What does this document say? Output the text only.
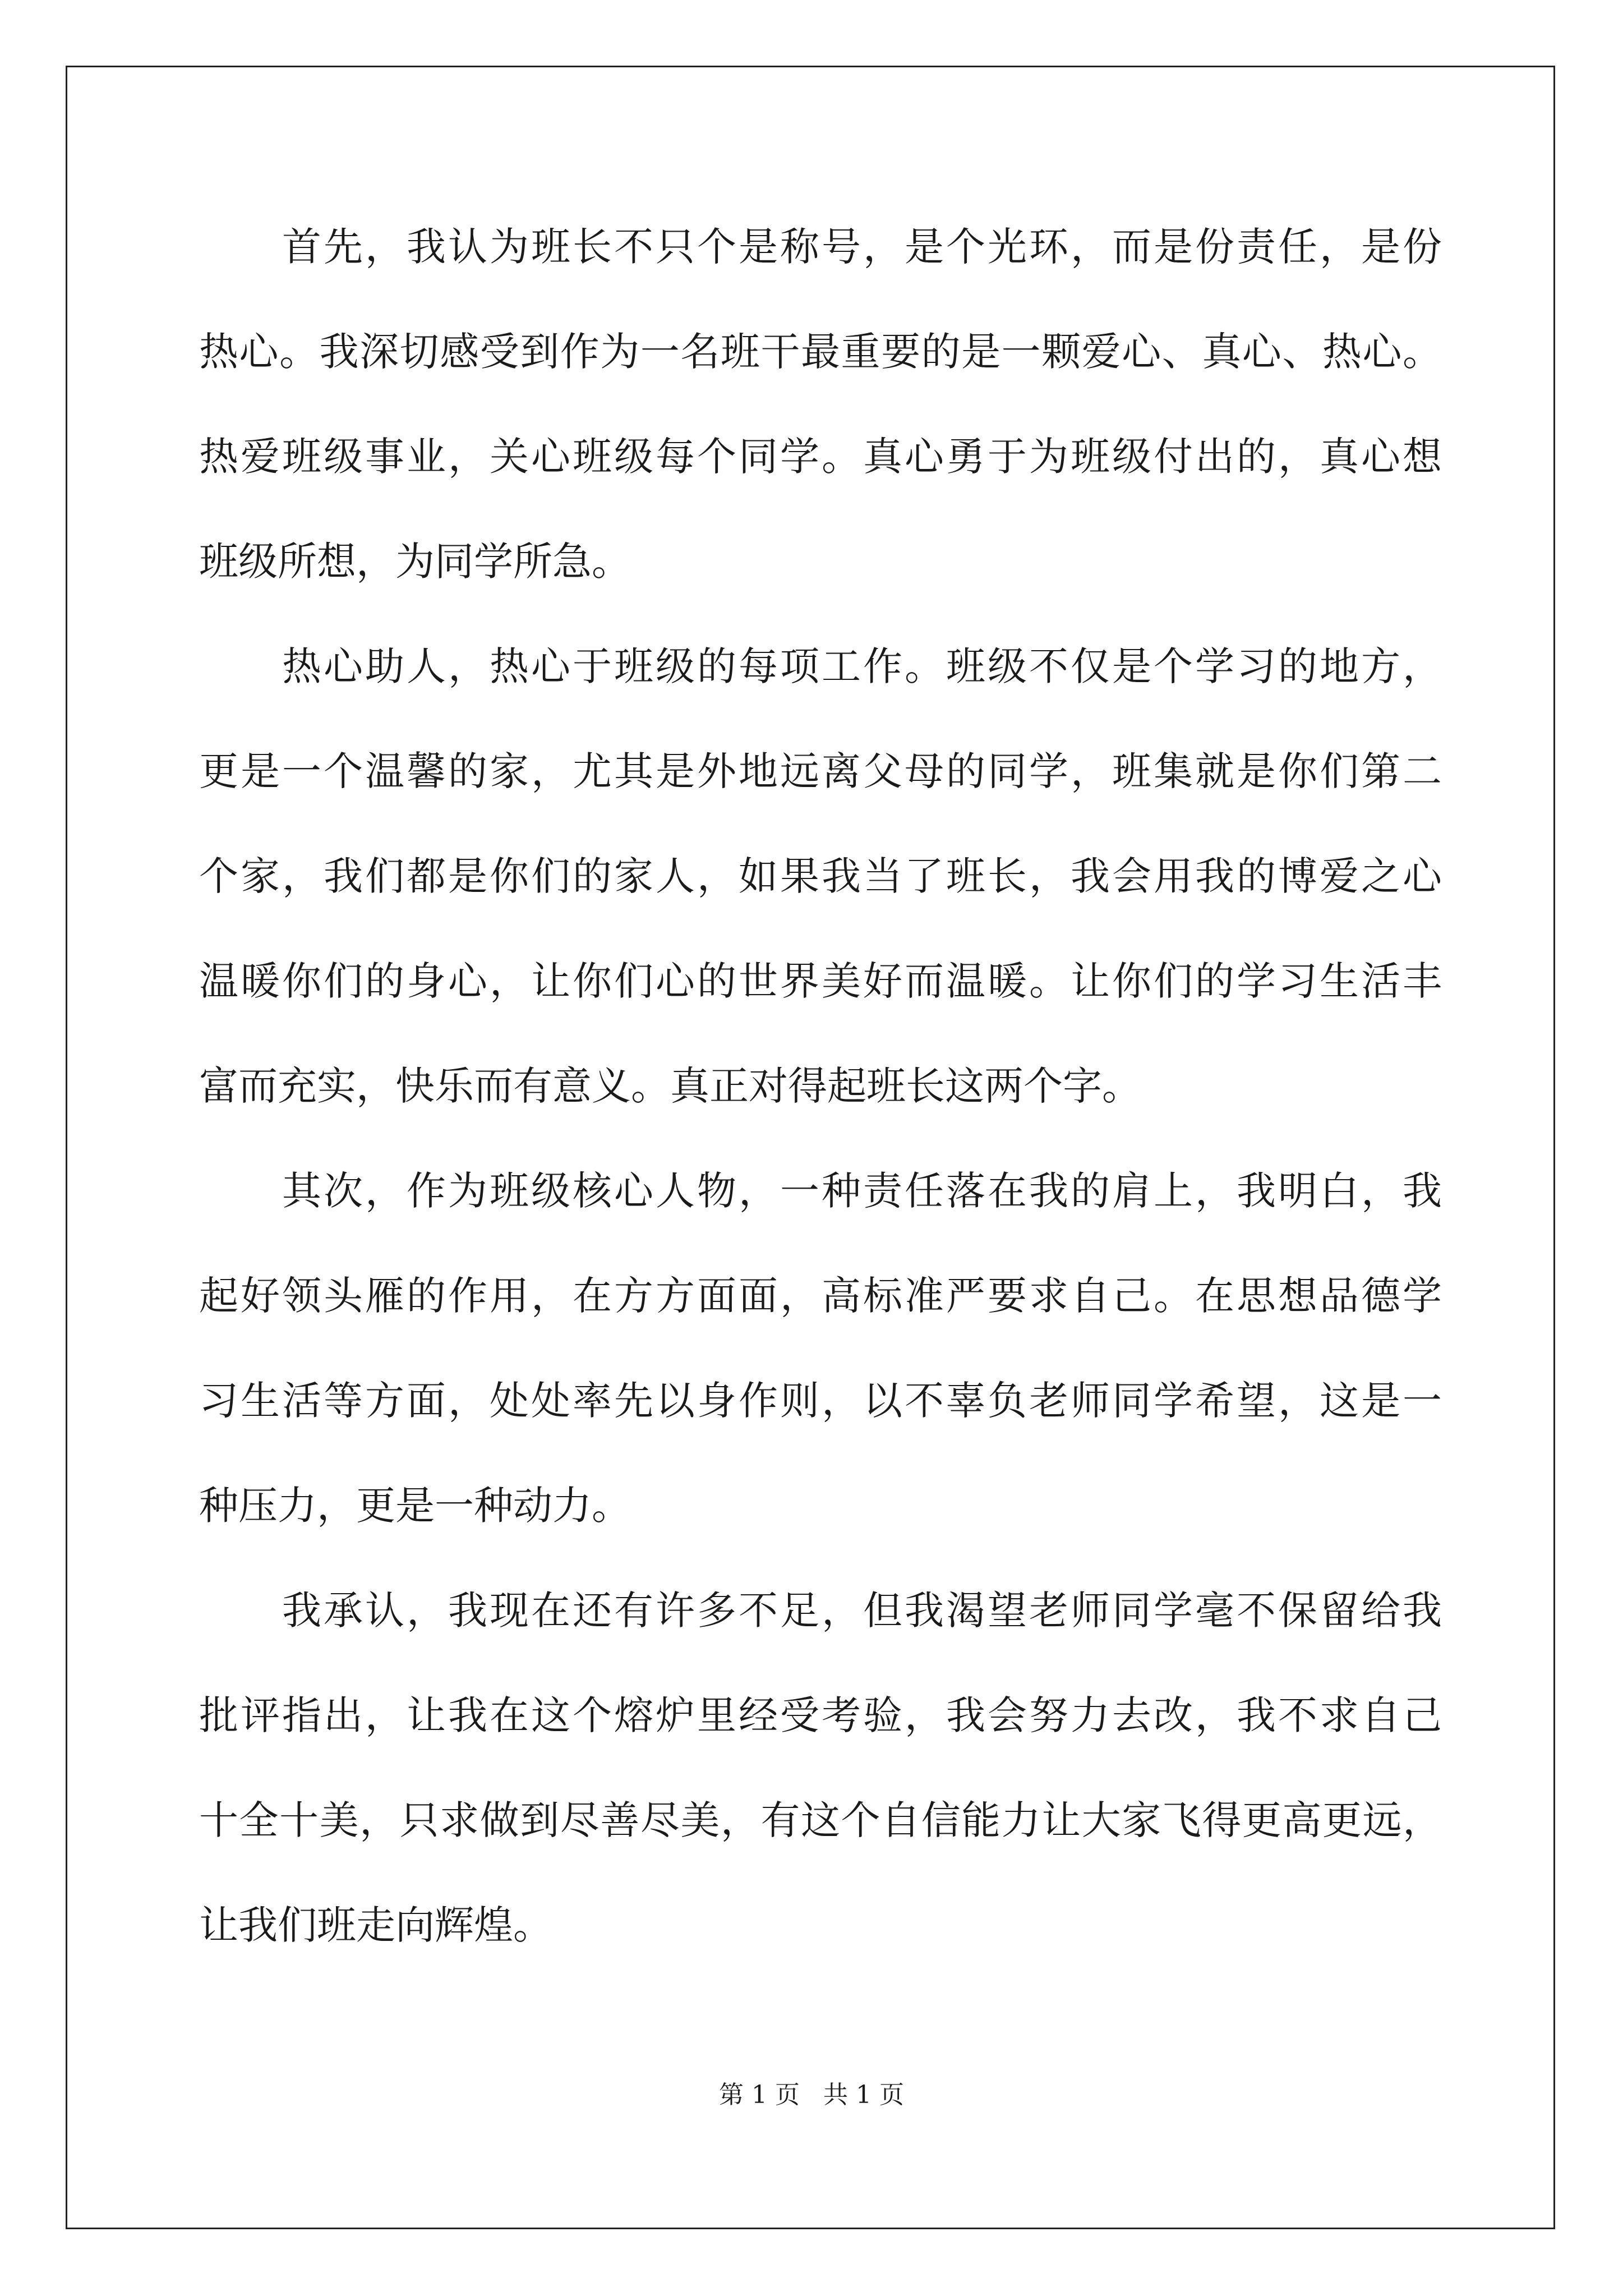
首先，我认为班长不只个是称号，是个光环，而是份责任，是份
热心。我深切感受到作为一名班干最重要的是一颗爱心、真心、热心。
热爱班级事业，关心班级每个同学。真心勇于为班级付出的，真心想
班级所想，为同学所急。
热心助人，热心于班级的每项工作。班级不仅是个学习的地方，
更是一个温馨的家，尤其是外地远离父母的同学，班集就是你们第二
个家，我们都是你们的家人，如果我当了班长，我会用我的博爱之心
温暖你们的身心，让你们心的世界美好而温暖。让你们的学习生活丰
富而充实，快乐而有意义。真正对得起班长这两个字。
其次，作为班级核心人物，一种责任落在我的肩上，我明白，我
起好领头雁的作用，在方方面面，高标准严要求自己。在思想品德学
习生活等方面，处处率先以身作则，以不辜负老师同学希望，这是一
种压力，更是一种动力。
我承认，我现在还有许多不足，但我渴望老师同学毫不保留给我
批评指出，让我在这个熔炉里经受考验，我会努力去改，我不求自己
十全十美，只求做到尽善尽美，有这个自信能力让大家飞得更高更远，
让我们班走向辉煌。
第 1 页   共 1 页
